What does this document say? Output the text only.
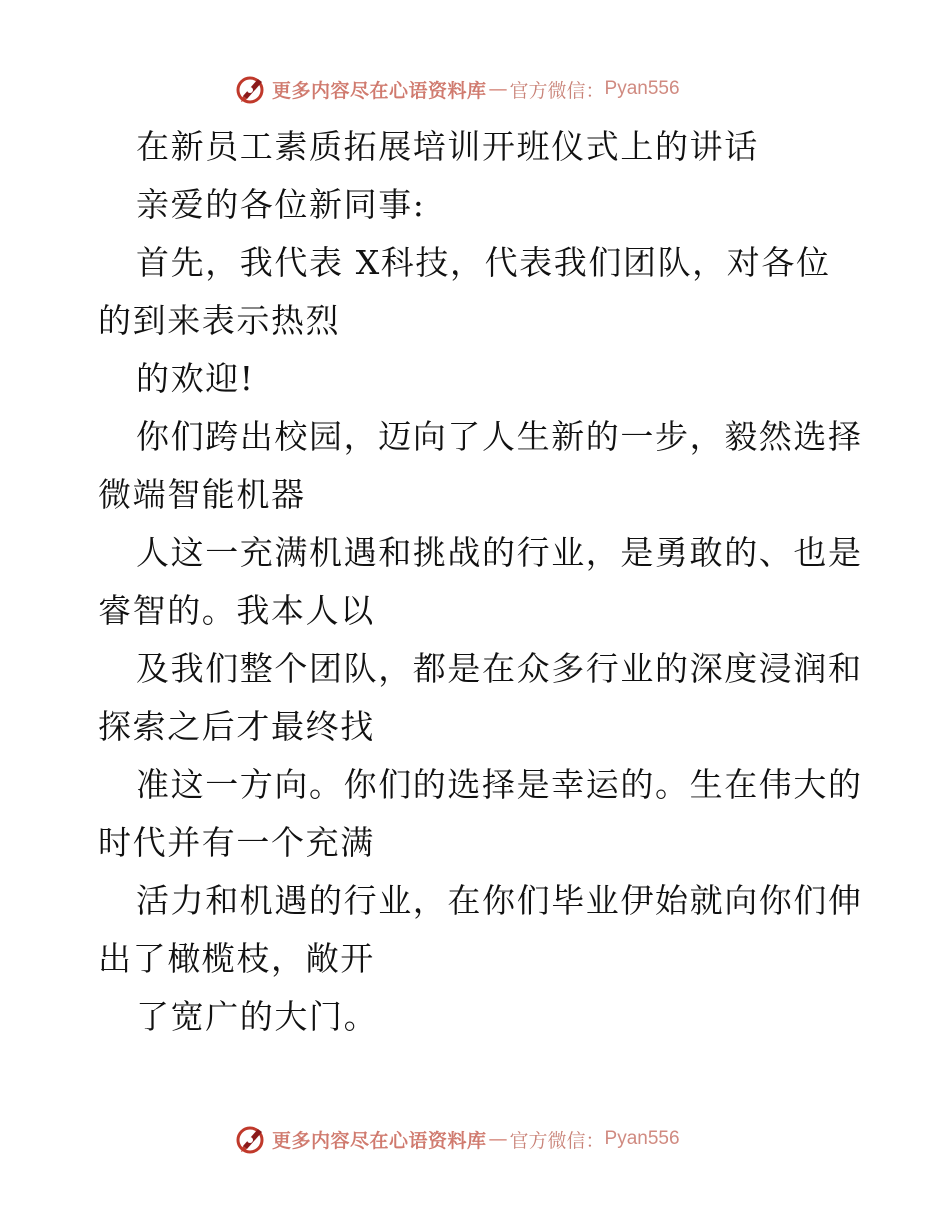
更多内容尽在心语资料库 — 官方微信： Pyan556
在新员工素质拓展培训开班仪式上的讲话
亲爱的各位新同事:
首先，我代表 X科技，代表我们团队，对各位
的到来表示热烈
的欢迎!
你们跨出校园，迈向了人生新的一步，毅然选择
微端智能机器
人这一充满机遇和挑战的行业，是勇敢的、也是
睿智的。我本人以
及我们整个团队，都是在众多行业的深度浸润和
探索之后才最终找
准这一方向。你们的选择是幸运的。生在伟大的
时代并有一个充满
活力和机遇的行业，在你们毕业伊始就向你们伸
出了橄榄枝，敞开
了宽广的大门。
更多内容尽在心语资料库 — 官方微信： Pyan556
